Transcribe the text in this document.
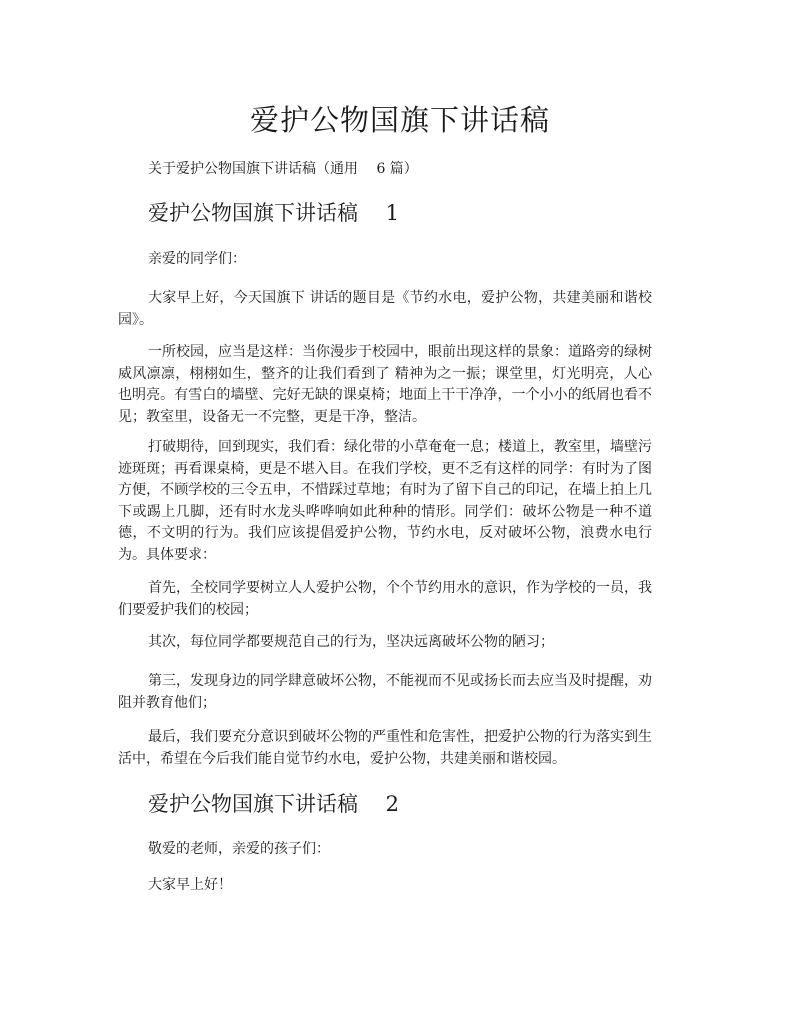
爱护公物国旗下讲话稿
关于爱护公物国旗下讲话稿（通用　 6 篇）
爱护公物国旗下讲话稿　 1

亲爱的同学们：

大家早上好，今天国旗下 讲话的题目是《节约水电，爱护公物，共建美丽和谐校园》。

一所校园，应当是这样：当你漫步于校园中，眼前出现这样的景象：道路旁的绿树威风凛凛，栩栩如生，整齐的让我们看到了 精神为之一振；课堂里，灯光明亮，人心也明亮。有雪白的墙壁、完好无缺的课桌椅；地面上干干净净，一个小小的纸屑也看不见；教室里，设备无一不完整，更是干净，整洁。

打破期待，回到现实，我们看：绿化带的小草奄奄一息；楼道上，教室里，墙壁污迹斑斑；再看课桌椅，更是不堪入目。在我们学校，更不乏有这样的同学：有时为了图方便，不顾学校的三令五申，不惜踩过草地；有时为了留下自己的印记，在墙上拍上几下或踢上几脚，还有时水龙头哗哗响如此种种的情形。同学们：破坏公物是一种不道德，不文明的行为。我们应该提倡爱护公物，节约水电，反对破坏公物，浪费水电行为。具体要求：

首先，全校同学要树立人人爱护公物，个个节约用水的意识，作为学校的一员，我们要爱护我们的校园；

其次，每位同学都要规范自己的行为，坚决远离破坏公物的陋习；

第三，发现身边的同学肆意破坏公物，不能视而不见或扬长而去应当及时提醒，劝阻并教育他们；

最后，我们要充分意识到破坏公物的严重性和危害性，把爱护公物的行为落实到生活中，希望在今后我们能自觉节约水电，爱护公物，共建美丽和谐校园。

爱护公物国旗下讲话稿　 2

敬爱的老师，亲爱的孩子们：

大家早上好！
